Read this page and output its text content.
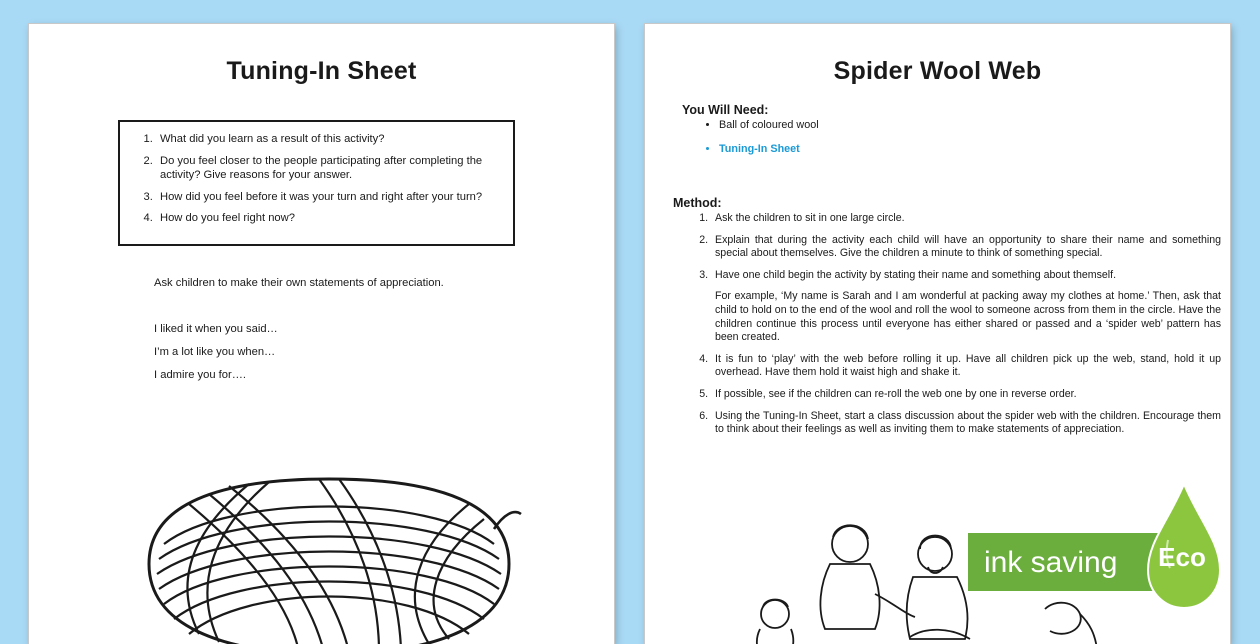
Tuning-In Sheet
1. What did you learn as a result of this activity?
2. Do you feel closer to the people participating after completing the activity? Give reasons for your answer.
3. How did you feel before it was your turn and right after your turn?
4. How do you feel right now?
Ask children to make their own statements of appreciation.
I liked it when you said…
I’m a lot like you when…
I admire you for….
Spider Wool Web
You Will Need:
• Ball of coloured wool
• Tuning-In Sheet
Method:
1. Ask the children to sit in one large circle.
2. Explain that during the activity each child will have an opportunity to share their name and something special about themselves. Give the children a minute to think of something special.
3. Have one child begin the activity by stating their name and something about themself.

For example, ‘My name is Sarah and I am wonderful at packing away my clothes at home.’ Then, ask that child to hold on to the end of the wool and roll the wool to someone across from them in the circle. Have the children continue this process until everyone has either shared or passed and a ‘spider web’ pattern has been created.

4. It is fun to ‘play’ with the web before rolling it up. Have all children pick up the web, stand, hold it up overhead. Have them hold it waist high and shake it.
5. If possible, see if the children can re-roll the web one by one in reverse order.
6. Using the Tuning-In Sheet, start a class discussion about the spider web with the children. Encourage them to think about their feelings as well as inviting them to make statements of appreciation.
ink saving	Eco
